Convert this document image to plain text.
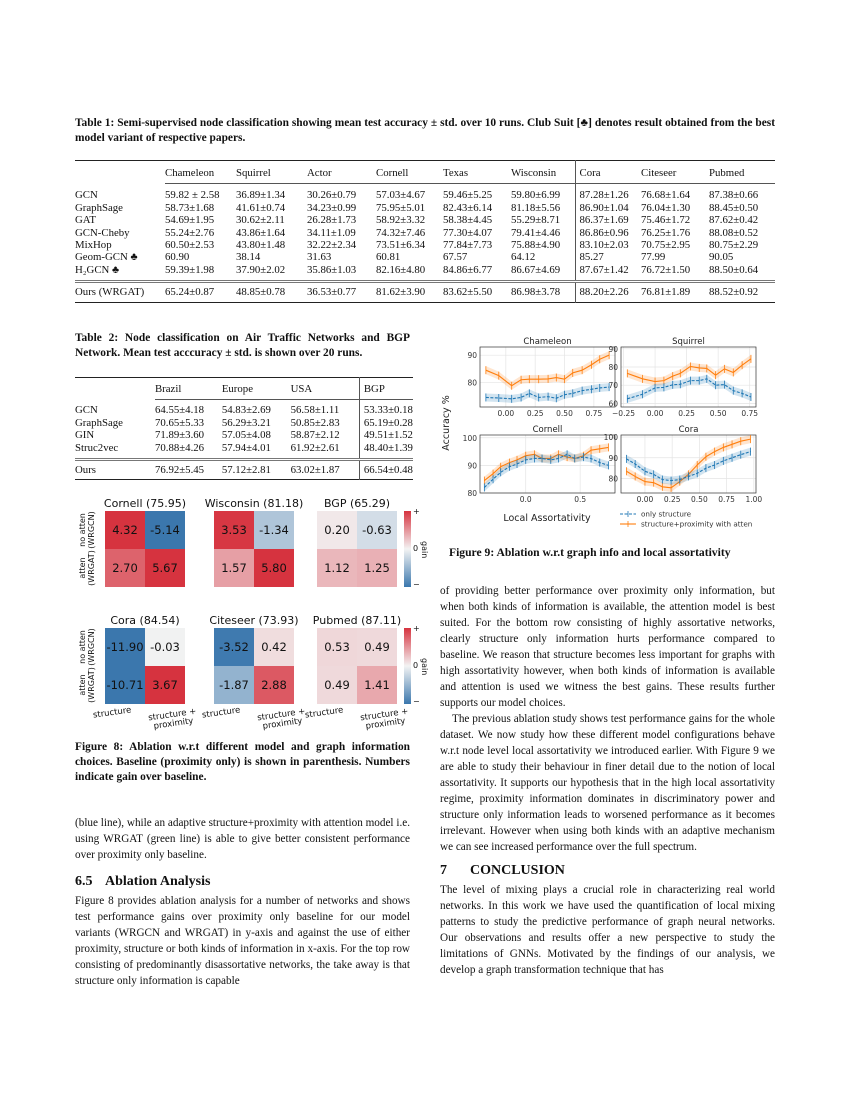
Table 1: Semi-supervised node classification showing mean test accuracy ± std. over 10 runs. Club Suit [♣] denotes result obtained from the best model variant of respective papers.
	Chameleon	Squirrel	Actor	Cornell	Texas	Wisconsin	Cora	Citeseer	Pubmed
GCN	59.82 ± 2.58	36.89±1.34	30.26±0.79	57.03±4.67	59.46±5.25	59.80±6.99	87.28±1.26	76.68±1.64	87.38±0.66
GraphSage	58.73±1.68	41.61±0.74	34.23±0.99	75.95±5.01	82.43±6.14	81.18±5.56	86.90±1.04	76.04±1.30	88.45±0.50
GAT	54.69±1.95	30.62±2.11	26.28±1.73	58.92±3.32	58.38±4.45	55.29±8.71	86.37±1.69	75.46±1.72	87.62±0.42
GCN-Cheby	55.24±2.76	43.86±1.64	34.11±1.09	74.32±7.46	77.30±4.07	79.41±4.46	86.86±0.96	76.25±1.76	88.08±0.52
MixHop	60.50±2.53	43.80±1.48	32.22±2.34	73.51±6.34	77.84±7.73	75.88±4.90	83.10±2.03	70.75±2.95	80.75±2.29
Geom-GCN ♣	60.90	38.14	31.63	60.81	67.57	64.12	85.27	77.99	90.05
H₂GCN ♣	59.39±1.98	37.90±2.02	35.86±1.03	82.16±4.80	84.86±6.77	86.67±4.69	87.67±1.42	76.72±1.50	88.50±0.64
Ours (WRGAT)	65.24±0.87	48.85±0.78	36.53±0.77	81.62±3.90	83.62±5.50	86.98±3.78	88.20±2.26	76.81±1.89	88.52±0.92
Table 2: Node classification on Air Traffic Networks and BGP Network. Mean test acccuracy ± std. is shown over 20 runs.
	Brazil	Europe	USA	BGP
GCN	64.55±4.18	54.83±2.69	56.58±1.11	53.33±0.18
GraphSage	70.65±5.33	56.29±3.21	50.85±2.83	65.19±0.28
GIN	71.89±3.60	57.05±4.08	58.87±2.12	49.51±1.52
Struc2vec	70.88±4.26	57.94±4.01	61.92±2.61	48.40±1.39
Ours	76.92±5.45	57.12±2.81	63.02±1.87	66.54±0.48
Cornell (75.95)
4.32	-5.14
2.70	5.67
no atten (WRGCN)
atten (WRGAT)
Wisconsin (81.18)
3.53	-1.34
1.57	5.80
BGP (65.29)
0.20	-0.63
1.12	1.25
+
0
−
gain
Cora (84.54)
-11.90 -0.03
-10.71 3.67
structure	structure + proximity
no atten (WRGCN)
atten (WRGAT)
Citeseer (73.93)
-3.52	0.42
-1.87	2.88
structure	structure + proximity
Pubmed (87.11)
0.53	0.49
0.49	1.41
structure	structure + proximity
+
0
−
gain
Figure 8: Ablation w.r.t different model and graph information choices. Baseline (proximity only) is shown in parenthesis. Numbers indicate gain over baseline.
0.00 0.25 0.50 0.75
80
90
Chameleon
−0.25 0.00 0.25 0.50 0.75
60
70
80
90
Squirrel
0.0	0.5
80
90
100
Cornell
0.00 0.25 0.50 0.75 1.00
80
90
100
Cora
Accuracy %
Local Assortativity	only structure
structure+proximity with atten
Figure 9: Ablation w.r.t graph info and local assortativity

(blue line), while an adaptive structure+proximity with attention model i.e. using WRGAT (green line) is able to give better consistent performance over proximity only baseline.

6.5 Ablation Analysis

Figure 8 provides ablation analysis for a number of networks and shows test performance gains over proximity only baseline for our model variants (WRGCN and WRGAT) in y-axis and against the use of either proximity, structure or both kinds of information in x-axis. For the top row consisting of predominantly disassortative networks, the take away is that structure only information is capable

of providing better performance over proximity only information, but when both kinds of information is available, the attention model is best suited. For the bottom row consisting of highly assortative networks, clearly structure only information hurts performance compared to baseline. We reason that structure becomes less important for graphs with high assortativity however, when both kinds of information is available and attention is used we witness the best gains. These results further supports our model choices.

The previous ablation study shows test performance gains for the whole dataset. We now study how these different model configurations behave w.r.t node level local assortativity we introduced earlier. With Figure 9 we are able to study their behaviour in finer detail due to the notion of local assortativity. It supports our hypothesis that in the high local assortativity regime, proximity information dominates in discriminatory power and structure only information leads to worsened performance as it becomes irrelevant. However when using both kinds with an adaptive mechanism we can see increased performance over the full spectrum.

7 CONCLUSION

The level of mixing plays a crucial role in characterizing real world networks. In this work we have used the quantification of local mixing patterns to study the predictive performance of graph neural networks. Our observations and results offer a new perspective to study the limitations of GNNs. Motivated by the findings of our analysis, we develop a graph transformation technique that has
